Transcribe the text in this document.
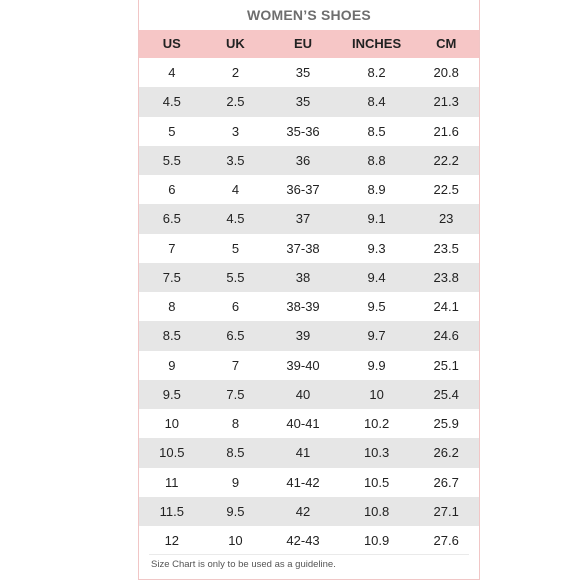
WOMEN’S SHOES
US	UK	EU	INCHES	CM
4	2	35	8.2	20.8
4.5	2.5	35	8.4	21.3
5	3	35-36	8.5	21.6
5.5	3.5	36	8.8	22.2
6	4	36-37	8.9	22.5
6.5	4.5	37	9.1	23
7	5	37-38	9.3	23.5
7.5	5.5	38	9.4	23.8
8	6	38-39	9.5	24.1
8.5	6.5	39	9.7	24.6
9	7	39-40	9.9	25.1
9.5	7.5	40	10	25.4
10	8	40-41	10.2	25.9
10.5	8.5	41	10.3	26.2
11	9	41-42	10.5	26.7
11.5	9.5	42	10.8	27.1
12	10	42-43	10.9	27.6
Size Chart is only to be used as a guideline.
